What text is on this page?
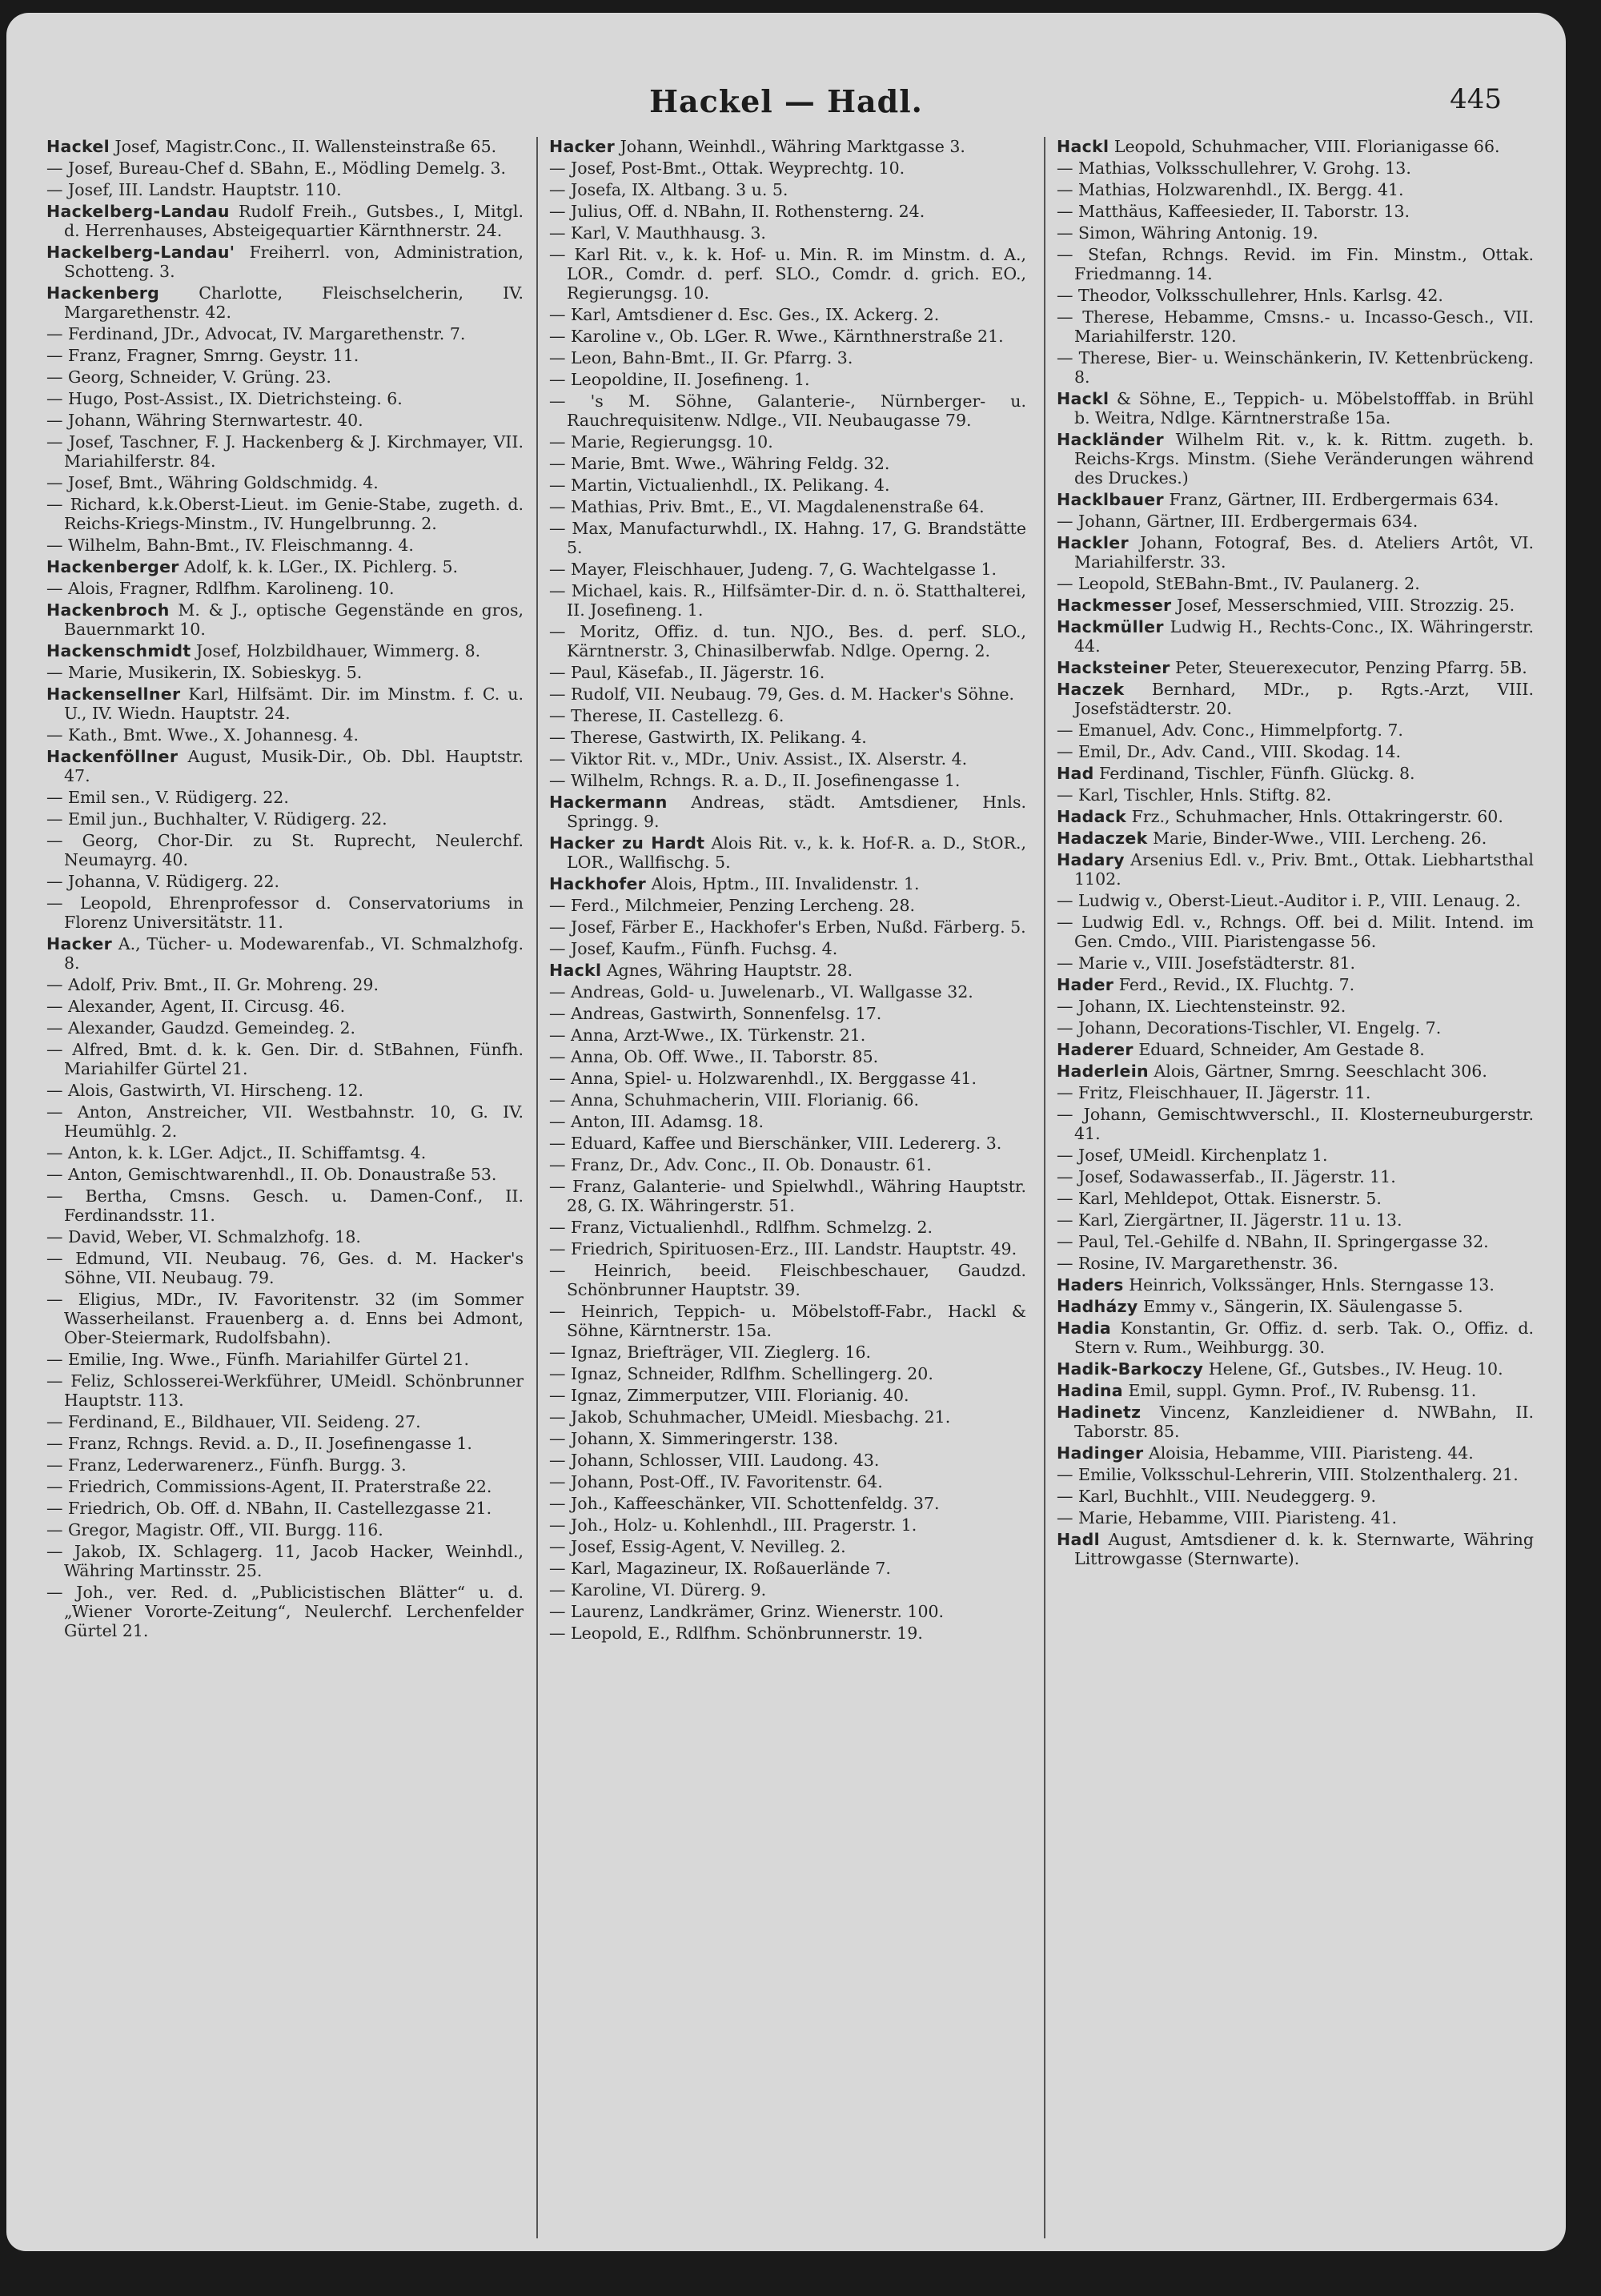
Hackel — Hadl.	445

Hackel Josef, Magistr.Conc., II. Wallensteinstraße 65.

— Josef, Bureau-Chef d. SBahn, E., Mödling Demelg. 3.

— Josef, III. Landstr. Hauptstr. 110.

Hackelberg-Landau Rudolf Freih., Gutsbes., I, Mitgl. d. Herrenhauses, Absteigequartier Kärnthnerstr. 24.

Hackelberg-Landau' Freiherrl. von, Administration, Schotteng. 3.

Hackenberg Charlotte, Fleischselcherin, IV. Margarethenstr. 42.

— Ferdinand, JDr., Advocat, IV. Margarethenstr. 7.

— Franz, Fragner, Smrng. Geystr. 11.

— Georg, Schneider, V. Grüng. 23.

— Hugo, Post-Assist., IX. Dietrichsteing. 6.

— Johann, Währing Sternwartestr. 40.

— Josef, Taschner, F. J. Hackenberg & J. Kirchmayer, VII. Mariahilferstr. 84.

— Josef, Bmt., Währing Goldschmidg. 4.

— Richard, k.k.Oberst-Lieut. im Genie-Stabe, zugeth. d. Reichs-Kriegs-Minstm., IV. Hungelbrunng. 2.

— Wilhelm, Bahn-Bmt., IV. Fleischmanng. 4.

Hackenberger Adolf, k. k. LGer., IX. Pichlerg. 5.

— Alois, Fragner, Rdlfhm. Karolineng. 10.

Hackenbroch M. & J., optische Gegenstände en gros, Bauernmarkt 10.

Hackenschmidt Josef, Holzbildhauer, Wimmerg. 8.

— Marie, Musikerin, IX. Sobieskyg. 5.

Hackensellner Karl, Hilfsämt. Dir. im Minstm. f. C. u. U., IV. Wiedn. Hauptstr. 24.

— Kath., Bmt. Wwe., X. Johannesg. 4.

Hackenföllner August, Musik-Dir., Ob. Dbl. Hauptstr. 47.

— Emil sen., V. Rüdigerg. 22.

— Emil jun., Buchhalter, V. Rüdigerg. 22.

— Georg, Chor-Dir. zu St. Ruprecht, Neulerchf. Neumayrg. 40.

— Johanna, V. Rüdigerg. 22.

— Leopold, Ehrenprofessor d. Conservatoriums in Florenz Universitätstr. 11.

Hacker A., Tücher- u. Modewarenfab., VI. Schmalzhofg. 8.

— Adolf, Priv. Bmt., II. Gr. Mohreng. 29.

— Alexander, Agent, II. Circusg. 46.

— Alexander, Gaudzd. Gemeindeg. 2.

— Alfred, Bmt. d. k. k. Gen. Dir. d. StBahnen, Fünfh. Mariahilfer Gürtel 21.

— Alois, Gastwirth, VI. Hirscheng. 12.

— Anton, Anstreicher, VII. Westbahnstr. 10, G. IV. Heumühlg. 2.

— Anton, k. k. LGer. Adjct., II. Schiffamtsg. 4.

— Anton, Gemischtwarenhdl., II. Ob. Donaustraße 53.

— Bertha, Cmsns. Gesch. u. Damen-Conf., II. Ferdinandsstr. 11.

— David, Weber, VI. Schmalzhofg. 18.

— Edmund, VII. Neubaug. 76, Ges. d. M. Hacker's Söhne, VII. Neubaug. 79.

— Eligius, MDr., IV. Favoritenstr. 32 (im Sommer Wasserheilanst. Frauenberg a. d. Enns bei Admont, Ober-Steiermark, Rudolfsbahn).

— Emilie, Ing. Wwe., Fünfh. Mariahilfer Gürtel 21.

— Feliz, Schlosserei-Werkführer, UMeidl. Schönbrunner Hauptstr. 113.

— Ferdinand, E., Bildhauer, VII. Seideng. 27.

— Franz, Rchngs. Revid. a. D., II. Josefinengasse 1.

— Franz, Lederwarenerz., Fünfh. Burgg. 3.

— Friedrich, Commissions-Agent, II. Praterstraße 22.

— Friedrich, Ob. Off. d. NBahn, II. Castellezgasse 21.

— Gregor, Magistr. Off., VII. Burgg. 116.

— Jakob, IX. Schlagerg. 11, Jacob Hacker, Weinhdl., Währing Martinsstr. 25.

— Joh., ver. Red. d. „Publicistischen Blätter“ u. d. „Wiener Vororte-Zeitung“, Neulerchf. Lerchenfelder Gürtel 21.

Hacker Johann, Weinhdl., Währing Marktgasse 3.

— Josef, Post-Bmt., Ottak. Weyprechtg. 10.

— Josefa, IX. Altbang. 3 u. 5.

— Julius, Off. d. NBahn, II. Rothensterng. 24.

— Karl, V. Mauthhausg. 3.

— Karl Rit. v., k. k. Hof- u. Min. R. im Minstm. d. A., LOR., Comdr. d. perf. SLO., Comdr. d. grich. EO., Regierungsg. 10.

— Karl, Amtsdiener d. Esc. Ges., IX. Ackerg. 2.

— Karoline v., Ob. LGer. R. Wwe., Kärnthnerstraße 21.

— Leon, Bahn-Bmt., II. Gr. Pfarrg. 3.

— Leopoldine, II. Josefineng. 1.

— 's M. Söhne, Galanterie-, Nürnberger- u. Rauchrequisitenw. Ndlge., VII. Neubaugasse 79.

— Marie, Regierungsg. 10.

— Marie, Bmt. Wwe., Währing Feldg. 32.

— Martin, Victualienhdl., IX. Pelikang. 4.

— Mathias, Priv. Bmt., E., VI. Magdalenenstraße 64.

— Max, Manufacturwhdl., IX. Hahng. 17, G. Brandstätte 5.

— Mayer, Fleischhauer, Judeng. 7, G. Wachtelgasse 1.

— Michael, kais. R., Hilfsämter-Dir. d. n. ö. Statthalterei, II. Josefineng. 1.

— Moritz, Offiz. d. tun. NJO., Bes. d. perf. SLO., Kärntnerstr. 3, Chinasilberwfab. Ndlge. Operng. 2.

— Paul, Käsefab., II. Jägerstr. 16.

— Rudolf, VII. Neubaug. 79, Ges. d. M. Hacker's Söhne.

— Therese, II. Castellezg. 6.

— Therese, Gastwirth, IX. Pelikang. 4.

— Viktor Rit. v., MDr., Univ. Assist., IX. Alserstr. 4.

— Wilhelm, Rchngs. R. a. D., II. Josefinengasse 1.

Hackermann Andreas, städt. Amtsdiener, Hnls. Springg. 9.

Hacker zu Hardt Alois Rit. v., k. k. Hof-R. a. D., StOR., LOR., Wallfischg. 5.

Hackhofer Alois, Hptm., III. Invalidenstr. 1.

— Ferd., Milchmeier, Penzing Lercheng. 28.

— Josef, Färber E., Hackhofer's Erben, Nußd. Färberg. 5.

— Josef, Kaufm., Fünfh. Fuchsg. 4.

Hackl Agnes, Währing Hauptstr. 28.

— Andreas, Gold- u. Juwelenarb., VI. Wallgasse 32.

— Andreas, Gastwirth, Sonnenfelsg. 17.

— Anna, Arzt-Wwe., IX. Türkenstr. 21.

— Anna, Ob. Off. Wwe., II. Taborstr. 85.

— Anna, Spiel- u. Holzwarenhdl., IX. Berggasse 41.

— Anna, Schuhmacherin, VIII. Florianig. 66.

— Anton, III. Adamsg. 18.

— Eduard, Kaffee und Bierschänker, VIII. Ledererg. 3.

— Franz, Dr., Adv. Conc., II. Ob. Donaustr. 61.

— Franz, Galanterie- und Spielwhdl., Währing Hauptstr. 28, G. IX. Währingerstr. 51.

— Franz, Victualienhdl., Rdlfhm. Schmelzg. 2.

— Friedrich, Spirituosen-Erz., III. Landstr. Hauptstr. 49.

— Heinrich, beeid. Fleischbeschauer, Gaudzd. Schönbrunner Hauptstr. 39.

— Heinrich, Teppich- u. Möbelstoff-Fabr., Hackl & Söhne, Kärntnerstr. 15a.

— Ignaz, Briefträger, VII. Zieglerg. 16.

— Ignaz, Schneider, Rdlfhm. Schellingerg. 20.

— Ignaz, Zimmerputzer, VIII. Florianig. 40.

— Jakob, Schuhmacher, UMeidl. Miesbachg. 21.

— Johann, X. Simmeringerstr. 138.

— Johann, Schlosser, VIII. Laudong. 43.

— Johann, Post-Off., IV. Favoritenstr. 64.

— Joh., Kaffeeschänker, VII. Schottenfeldg. 37.

— Joh., Holz- u. Kohlenhdl., III. Pragerstr. 1.

— Josef, Essig-Agent, V. Nevilleg. 2.

— Karl, Magazineur, IX. Roßauerlände 7.

— Karoline, VI. Dürerg. 9.

— Laurenz, Landkrämer, Grinz. Wienerstr. 100.

— Leopold, E., Rdlfhm. Schönbrunnerstr. 19.

Hackl Leopold, Schuhmacher, VIII. Florianigasse 66.

— Mathias, Volksschullehrer, V. Grohg. 13.

— Mathias, Holzwarenhdl., IX. Bergg. 41.

— Matthäus, Kaffeesieder, II. Taborstr. 13.

— Simon, Währing Antonig. 19.

— Stefan, Rchngs. Revid. im Fin. Minstm., Ottak. Friedmanng. 14.

— Theodor, Volksschullehrer, Hnls. Karlsg. 42.

— Therese, Hebamme, Cmsns.- u. Incasso-Gesch., VII. Mariahilferstr. 120.

— Therese, Bier- u. Weinschänkerin, IV. Kettenbrückeng. 8.

Hackl & Söhne, E., Teppich- u. Möbelstofffab. in Brühl b. Weitra, Ndlge. Kärntnerstraße 15a.

Hackländer Wilhelm Rit. v., k. k. Rittm. zugeth. b. Reichs-Krgs. Minstm. (Siehe Veränderungen während des Druckes.)

Hacklbauer Franz, Gärtner, III. Erdbergermais 634.

— Johann, Gärtner, III. Erdbergermais 634.

Hackler Johann, Fotograf, Bes. d. Ateliers Artôt, VI. Mariahilferstr. 33.

— Leopold, StEBahn-Bmt., IV. Paulanerg. 2.

Hackmesser Josef, Messerschmied, VIII. Strozzig. 25.

Hackmüller Ludwig H., Rechts-Conc., IX. Währingerstr. 44.

Hacksteiner Peter, Steuerexecutor, Penzing Pfarrg. 5B.

Haczek Bernhard, MDr., p. Rgts.-Arzt, VIII. Josefstädterstr. 20.

— Emanuel, Adv. Conc., Himmelpfortg. 7.

— Emil, Dr., Adv. Cand., VIII. Skodag. 14.

Had Ferdinand, Tischler, Fünfh. Glückg. 8.

— Karl, Tischler, Hnls. Stiftg. 82.

Hadack Frz., Schuhmacher, Hnls. Ottakringerstr. 60.

Hadaczek Marie, Binder-Wwe., VIII. Lercheng. 26.

Hadary Arsenius Edl. v., Priv. Bmt., Ottak. Liebhartsthal 1102.

— Ludwig v., Oberst-Lieut.-Auditor i. P., VIII. Lenaug. 2.

— Ludwig Edl. v., Rchngs. Off. bei d. Milit. Intend. im Gen. Cmdo., VIII. Piaristengasse 56.

— Marie v., VIII. Josefstädterstr. 81.

Hader Ferd., Revid., IX. Fluchtg. 7.

— Johann, IX. Liechtensteinstr. 92.

— Johann, Decorations-Tischler, VI. Engelg. 7.

Haderer Eduard, Schneider, Am Gestade 8.

Haderlein Alois, Gärtner, Smrng. Seeschlacht 306.

— Fritz, Fleischhauer, II. Jägerstr. 11.

— Johann, Gemischtwverschl., II. Klosterneuburgerstr. 41.

— Josef, UMeidl. Kirchenplatz 1.

— Josef, Sodawasserfab., II. Jägerstr. 11.

— Karl, Mehldepot, Ottak. Eisnerstr. 5.

— Karl, Ziergärtner, II. Jägerstr. 11 u. 13.

— Paul, Tel.-Gehilfe d. NBahn, II. Springergasse 32.

— Rosine, IV. Margarethenstr. 36.

Haders Heinrich, Volkssänger, Hnls. Sterngasse 13.

Hadházy Emmy v., Sängerin, IX. Säulengasse 5.

Hadia Konstantin, Gr. Offiz. d. serb. Tak. O., Offiz. d. Stern v. Rum., Weihburgg. 30.

Hadik-Barkoczy Helene, Gf., Gutsbes., IV. Heug. 10.

Hadina Emil, suppl. Gymn. Prof., IV. Rubensg. 11.

Hadinetz Vincenz, Kanzleidiener d. NWBahn, II. Taborstr. 85.

Hadinger Aloisia, Hebamme, VIII. Piaristeng. 44.

— Emilie, Volksschul-Lehrerin, VIII. Stolzenthalerg. 21.

— Karl, Buchhlt., VIII. Neudeggerg. 9.

— Marie, Hebamme, VIII. Piaristeng. 41.

Hadl August, Amtsdiener d. k. k. Sternwarte, Währing Littrowgasse (Sternwarte).
